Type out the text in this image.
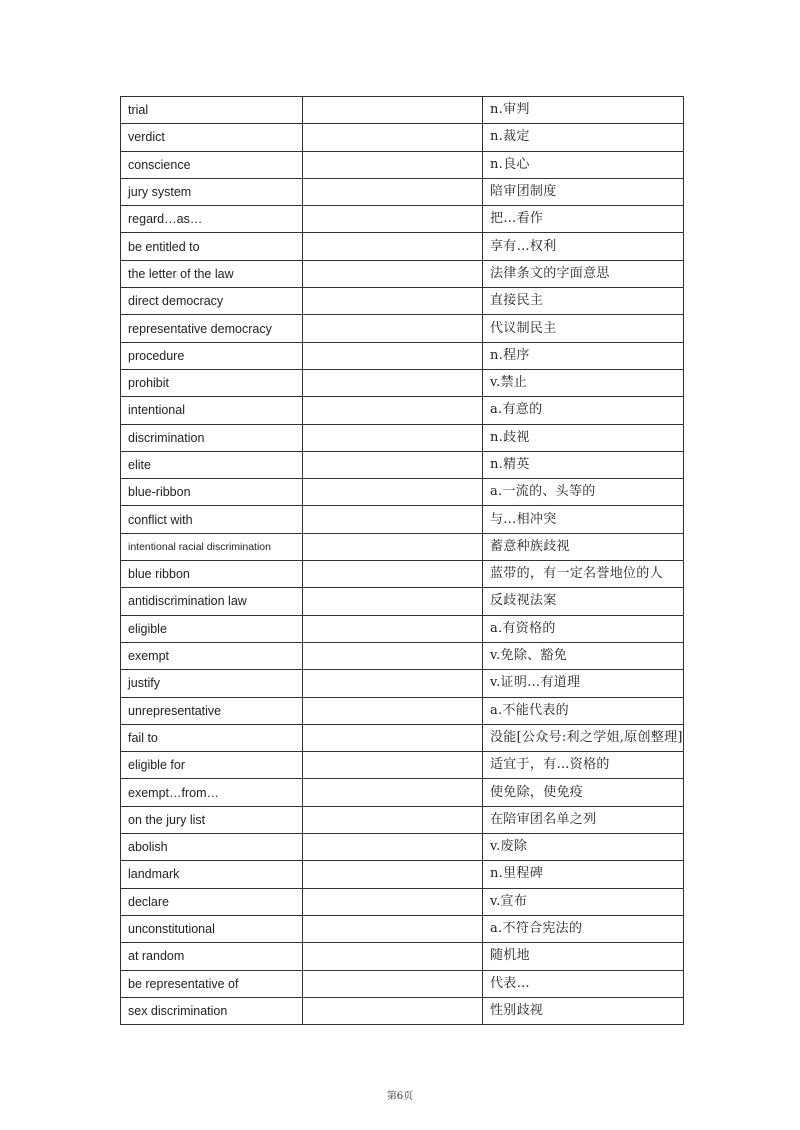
trial		n.审判
verdict		n.裁定
conscience		n.良心
jury system		陪审团制度
regard…as…		把…看作
be entitled to		享有…权利
the letter of the law		法律条文的字面意思
direct democracy		直接民主
representative democracy		代议制民主
procedure		n.程序
prohibit		v.禁止
intentional		a.有意的
discrimination		n.歧视
elite		n.精英
blue-ribbon		a.一流的、头等的
conflict with		与…相冲突
intentional racial discrimination		蓄意种族歧视
blue ribbon		蓝带的，有一定名誉地位的人
antidiscrimination law		反歧视法案
eligible		a.有资格的
exempt		v.免除、豁免
justify		v.证明…有道理
unrepresentative		a.不能代表的
fail to		没能[公众号:利之学姐,原创整理]
eligible for		适宜于，有…资格的
exempt…from…		使免除，使免疫
on the jury list		在陪审团名单之列
abolish		v.废除
landmark		n.里程碑
declare		v.宣布
unconstitutional		a.不符合宪法的
at random		随机地
be representative of		代表…
sex discrimination		性别歧视
第6页
